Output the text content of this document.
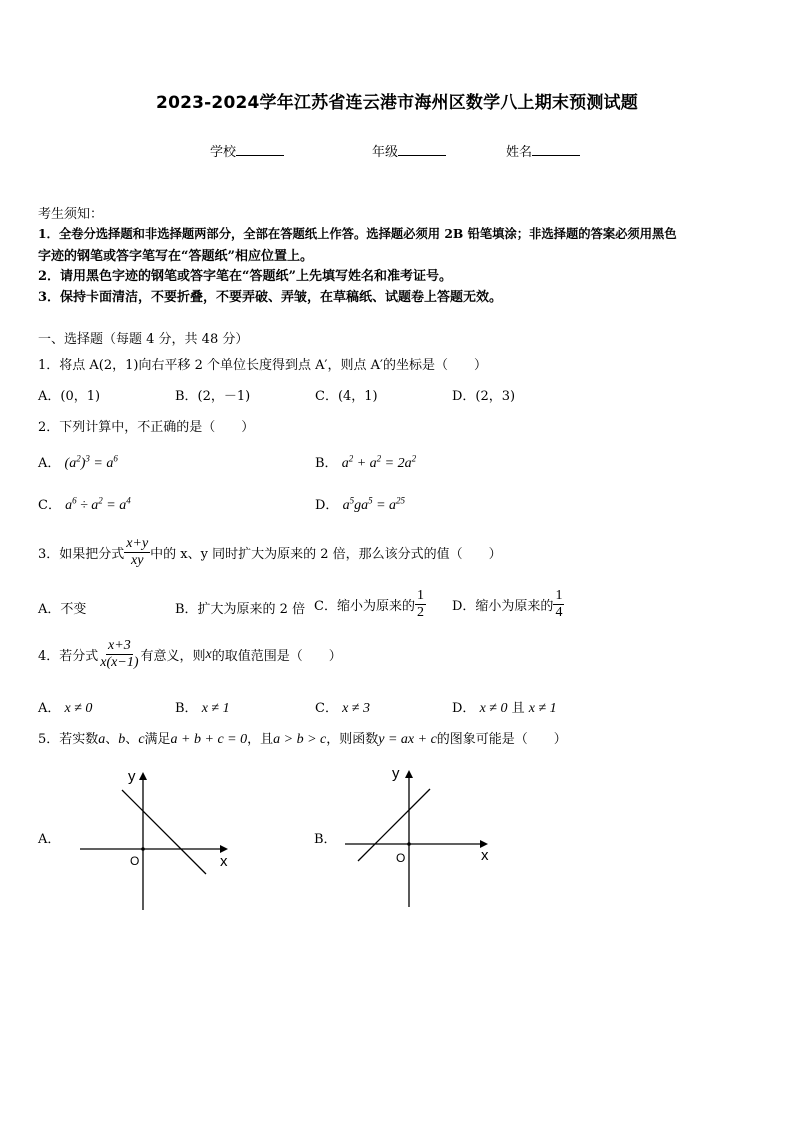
2023-2024学年江苏省连云港市海州区数学八上期末预测试题
学校	年级	姓名
考生须知：
1．全卷分选择题和非选择题两部分，全部在答题纸上作答。选择题必须用 2B 铅笔填涂；非选择题的答案必须用黑色
字迹的钢笔或答字笔写在“答题纸”相应位置上。
2．请用黑色字迹的钢笔或答字笔在“答题纸”上先填写姓名和准考证号。
3．保持卡面清洁，不要折叠，不要弄破、弄皱，在草稿纸、试题卷上答题无效。
一、选择题（每题 4 分，共 48 分）
1．将点 A(2，1)向右平移 2 个单位长度得到点 A′，则点 A′的坐标是（　　）
A．(0，1)	B．(2，－1)	C．(4，1)	D．(2，3)
2．下列计算中，不正确的是（　　）
A． $(a^2)^3 = a^6$	B． $a^2 + a^2 = 2a^2$
C． $a^6 \div a^2 = a^4$	D． $a^5ga^5 = a^{25}$
3．如果把分式 $\frac{x+y}{xy}$ 中的 x、y 同时扩大为原来的 2 倍，那么该分式的值（　　）
A．不变	B．扩大为原来的 2 倍 C．缩小为原来的 $\frac{1}{2}$ D．缩小为原来的 $\frac{1}{4}$
4．若分式 $\frac{x+3}{x(x-1)}$ 有意义，则 x 的取值范围是（　　）
A． x ≠ 0	B． x ≠ 1	C． x ≠ 3	D． x ≠ 0 且 x ≠ 1
5．若实数a、b、c满足a + b + c = 0，且a > b > c，则函数y = ax + c的图象可能是（　　）
A．
y
x
O
B．
y
x
O
